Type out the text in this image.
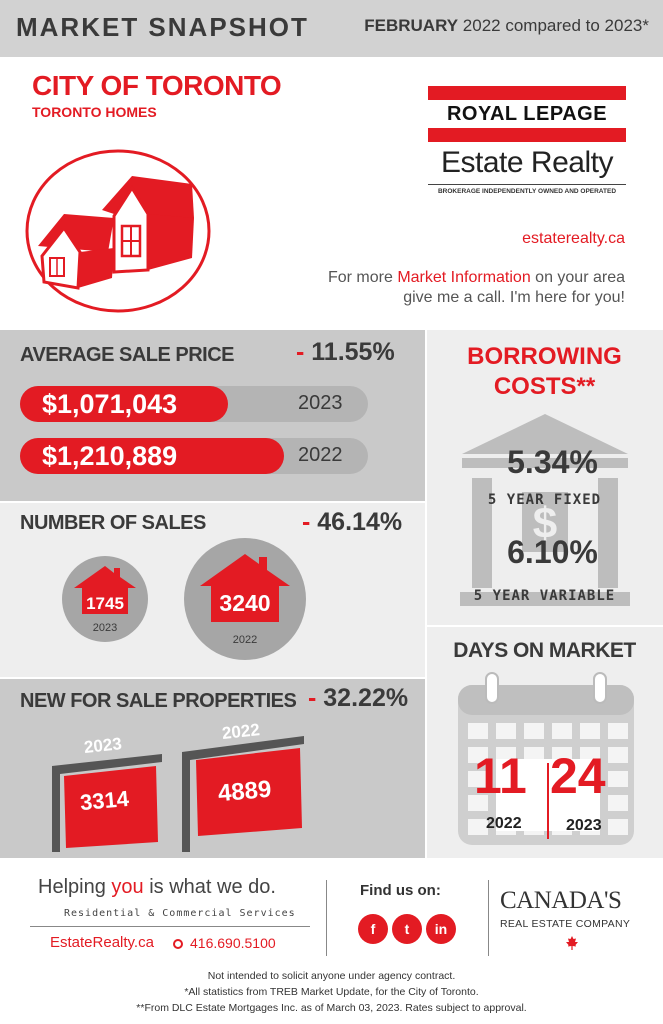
MARKET SNAPSHOT	FEBRUARY 2022 compared to 2023*
CITY OF TORONTO
TORONTO HOMES	ROYAL LEPAGE
Estate Realty
BROKERAGE INDEPENDENTLY OWNED AND OPERATED
estaterealty.ca
For more Market Information on your area give me a call. I'm here for you!
AVERAGE SALE PRICE - 11.55%
$1,071,043	2023
$1,210,889	2022
NUMBER OF SALES	- 46.14%
1745
2023
3240
2022
NEW FOR SALE PROPERTIES - 32.22%
2023
3314
2022
4889
BORROWING
COSTS**
$
5.34%
5 YEAR FIXED
6.10%
5 YEAR VARIABLE
DAYS ON MARKET
11 24
2022	2023
Helping you is what we do.
Residential & Commercial Services
EstateRealty.ca	416.690.5100
Find us on:
f	t	in
CANADA'S
REAL ESTATE COMPANY
Not intended to solicit anyone under agency contract.
*All statistics from TREB Market Update, for the City of Toronto.
**From DLC Estate Mortgages Inc. as of March 03, 2023. Rates subject to approval.
